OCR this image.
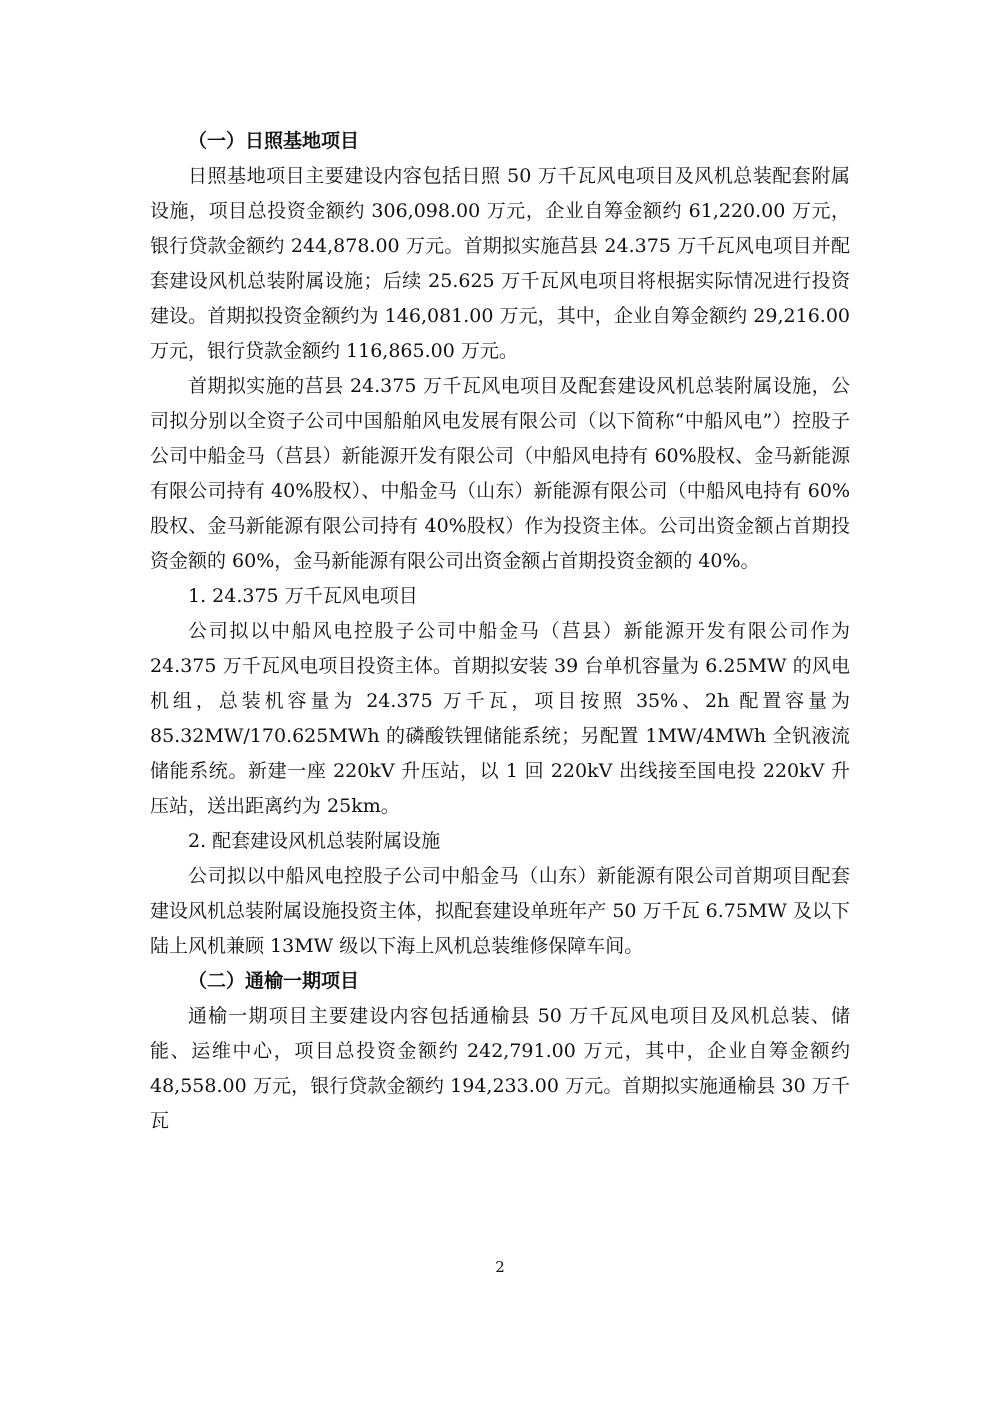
（一）日照基地项目

日照基地项目主要建设内容包括日照 50 万千瓦风电项目及风机总装配套附属设施，项目总投资金额约 306,098.00 万元，企业自筹金额约 61,220.00 万元，银行贷款金额约 244,878.00 万元。首期拟实施莒县 24.375 万千瓦风电项目并配套建设风机总装附属设施；后续 25.625 万千瓦风电项目将根据实际情况进行投资建设。首期拟投资金额约为 146,081.00 万元，其中，企业自筹金额约 29,216.00 万元，银行贷款金额约 116,865.00 万元。

首期拟实施的莒县 24.375 万千瓦风电项目及配套建设风机总装附属设施，公司拟分别以全资子公司中国船舶风电发展有限公司（以下简称“中船风电”）控股子公司中船金马（莒县）新能源开发有限公司（中船风电持有 60%股权、金马新能源有限公司持有 40%股权）、中船金马（山东）新能源有限公司（中船风电持有 60%股权、金马新能源有限公司持有 40%股权）作为投资主体。公司出资金额占首期投资金额的 60%，金马新能源有限公司出资金额占首期投资金额的 40%。

1. 24.375 万千瓦风电项目

公司拟以中船风电控股子公司中船金马（莒县）新能源开发有限公司作为 24.375 万千瓦风电项目投资主体。首期拟安装 39 台单机容量为 6.25MW 的风电机组，总装机容量为 24.375 万千瓦，项目按照 35%、2h 配置容量为 85.32MW/170.625MWh 的磷酸铁锂储能系统；另配置 1MW/4MWh 全钒液流储能系统。新建一座 220kV 升压站，以 1 回 220kV 出线接至国电投 220kV 升压站，送出距离约为 25km。

2. 配套建设风机总装附属设施

公司拟以中船风电控股子公司中船金马（山东）新能源有限公司首期项目配套建设风机总装附属设施投资主体，拟配套建设单班年产 50 万千瓦 6.75MW 及以下陆上风机兼顾 13MW 级以下海上风机总装维修保障车间。

（二）通榆一期项目

通榆一期项目主要建设内容包括通榆县 50 万千瓦风电项目及风机总装、储能、运维中心，项目总投资金额约 242,791.00 万元，其中，企业自筹金额约 48,558.00 万元，银行贷款金额约 194,233.00 万元。首期拟实施通榆县 30 万千瓦

2
